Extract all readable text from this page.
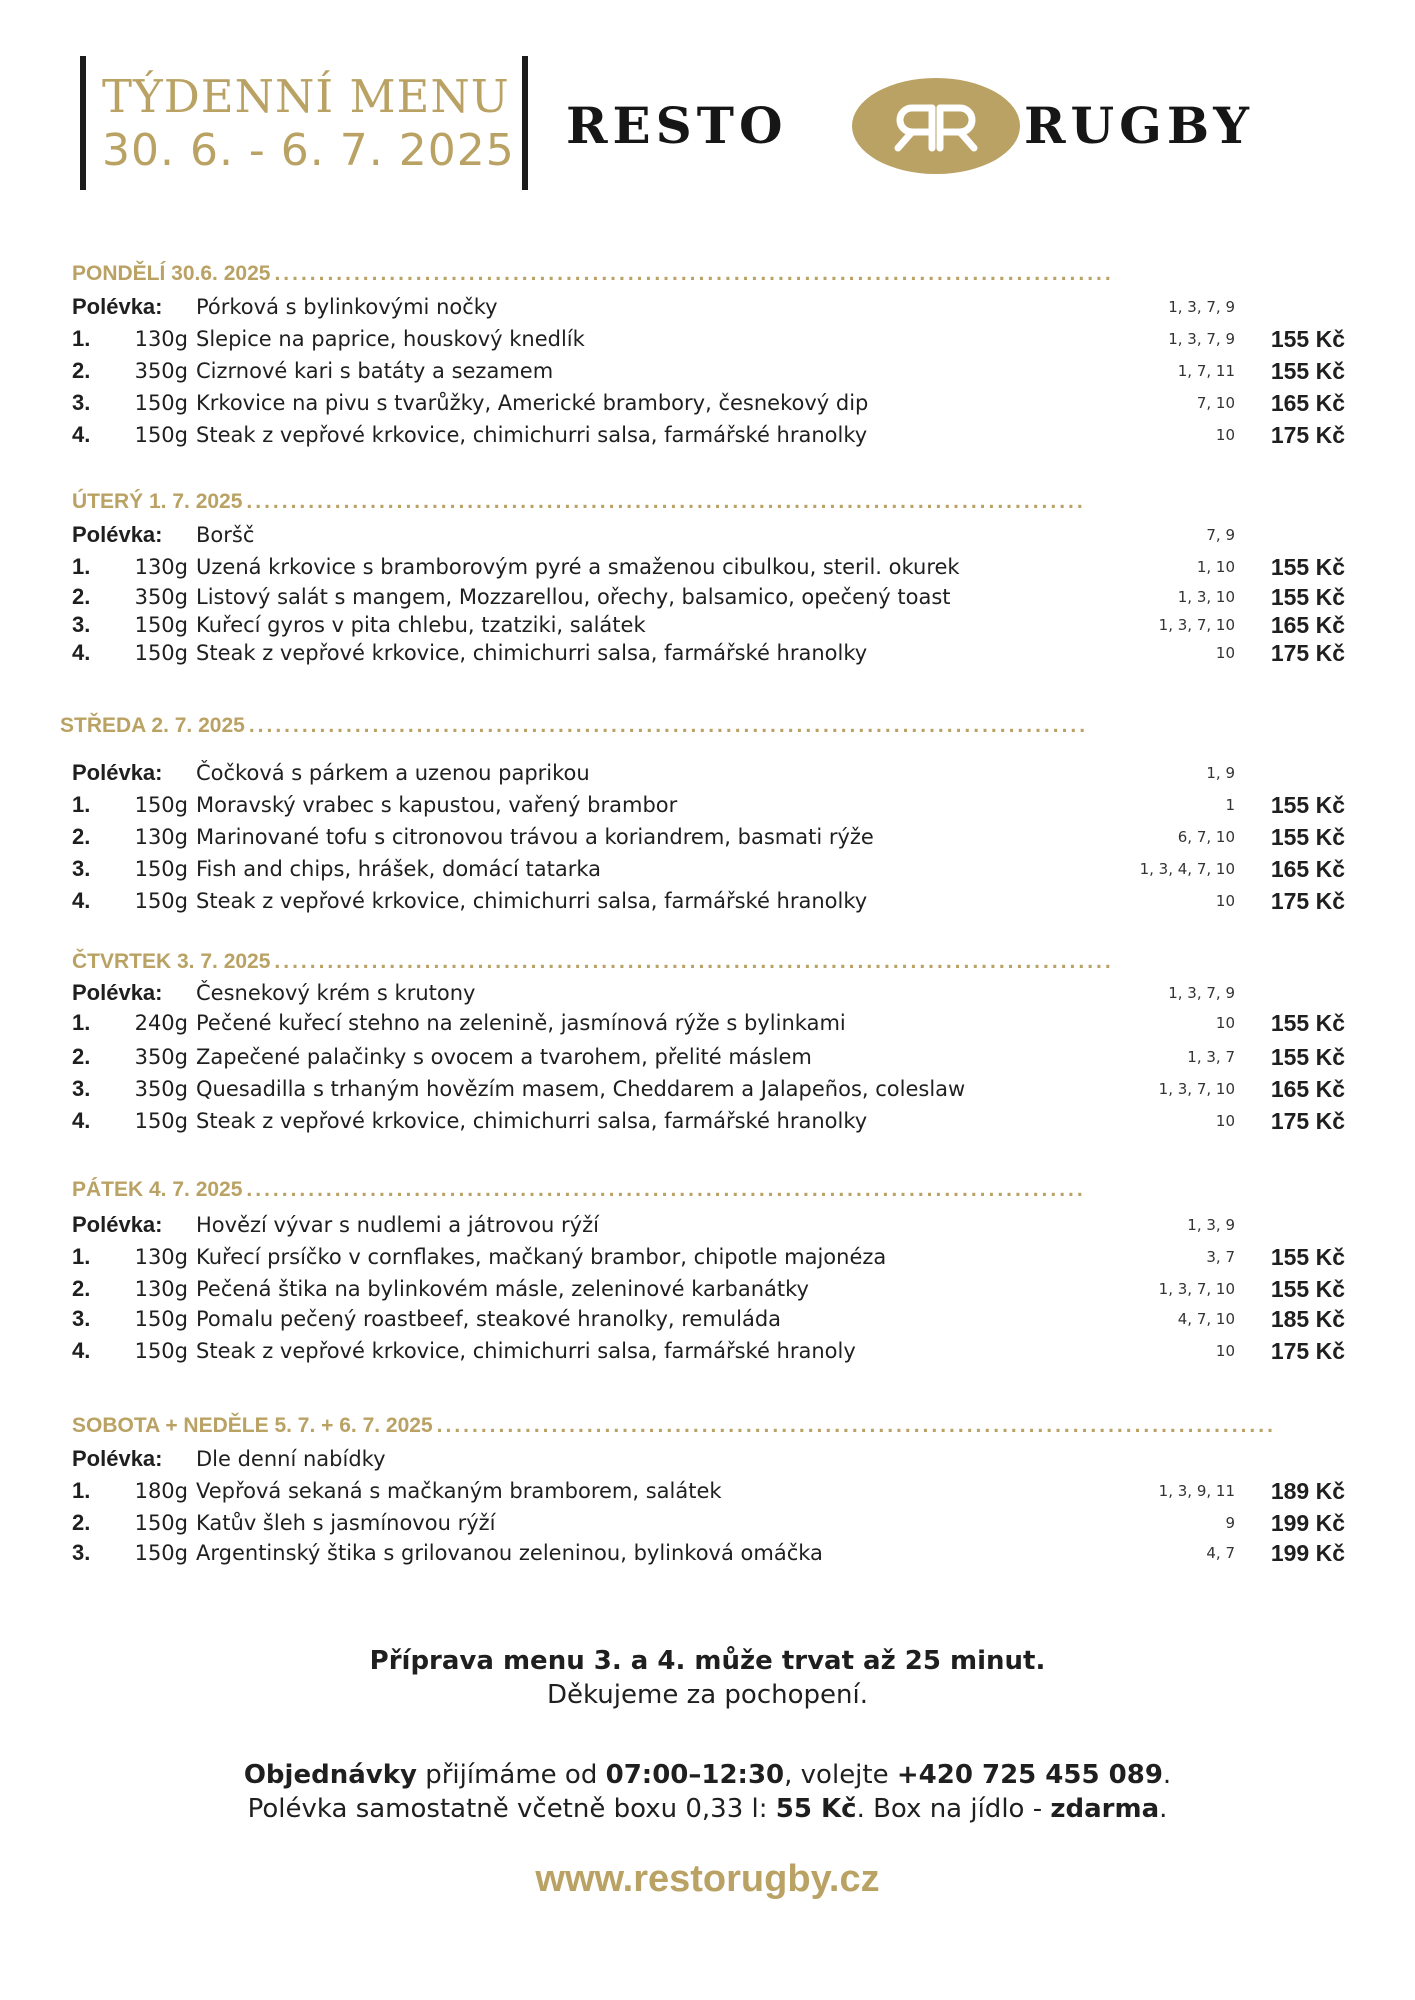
TÝDENNÍ MENU
30. 6. - 6. 7. 2025 RESTO	RUGBY
PONDĚLÍ 30.6. 2025 ...............................................................................................
Polévka: Pórková s bylinkovými nočky	1, 3, 7, 9
1. 130g Slepice na paprice, houskový knedlík	1, 3, 7, 9 155 Kč
2. 350g Cizrnové kari s batáty a sezamem	1, 7, 11 155 Kč
3. 150g Krkovice na pivu s tvarůžky, Americké brambory, česnekový dip	7, 10 165 Kč
4. 150g Steak z vepřové krkovice, chimichurri salsa, farmářské hranolky	10 175 Kč
ÚTERÝ 1. 7. 2025 ...............................................................................................
Polévka: Boršč	7, 9
1. 130g Uzená krkovice s bramborovým pyré a smaženou cibulkou, steril. okurek	1, 10 155 Kč
2. 350g Listový salát s mangem, Mozzarellou, ořechy, balsamico, opečený toast	1, 3, 10 155 Kč
3. 150g Kuřecí gyros v pita chlebu, tzatziki, salátek	1, 3, 7, 10 165 Kč
4. 150g Steak z vepřové krkovice, chimichurri salsa, farmářské hranolky	10 175 Kč
STŘEDA 2. 7. 2025 ...............................................................................................
Polévka: Čočková s párkem a uzenou paprikou	1, 9
1. 150g Moravský vrabec s kapustou, vařený brambor	1 155 Kč
2. 130g Marinované tofu s citronovou trávou a koriandrem, basmati rýže	6, 7, 10 155 Kč
3. 150g Fish and chips, hrášek, domácí tatarka	1, 3, 4, 7, 10 165 Kč
4. 150g Steak z vepřové krkovice, chimichurri salsa, farmářské hranolky	10 175 Kč
ČTVRTEK 3. 7. 2025 ...............................................................................................
Polévka: Česnekový krém s krutony	1, 3, 7, 9
1. 240g Pečené kuřecí stehno na zelenině, jasmínová rýže s bylinkami	10 155 Kč
2. 350g Zapečené palačinky s ovocem a tvarohem, přelité máslem	1, 3, 7 155 Kč
3. 350g Quesadilla s trhaným hovězím masem, Cheddarem a Jalapeños, coleslaw	1, 3, 7, 10 165 Kč
4. 150g Steak z vepřové krkovice, chimichurri salsa, farmářské hranolky	10 175 Kč
PÁTEK 4. 7. 2025 ...............................................................................................
Polévka: Hovězí vývar s nudlemi a játrovou rýží	1, 3, 9
1. 130g Kuřecí prsíčko v cornflakes, mačkaný brambor, chipotle majonéza	3, 7 155 Kč
2. 130g Pečená štika na bylinkovém másle, zeleninové karbanátky	1, 3, 7, 10 155 Kč
3. 150g Pomalu pečený roastbeef, steakové hranolky, remuláda	4, 7, 10 185 Kč
4. 150g Steak z vepřové krkovice, chimichurri salsa, farmářské hranoly	10 175 Kč
SOBOTA + NEDĚLE 5. 7. + 6. 7. 2025 ...............................................................................................
Polévka: Dle denní nabídky
1. 180g Vepřová sekaná s mačkaným bramborem, salátek	1, 3, 9, 11 189 Kč
2. 150g Katův šleh s jasmínovou rýží	9 199 Kč
3. 150g Argentinský štika s grilovanou zeleninou, bylinková omáčka	4, 7 199 Kč
Příprava menu 3. a 4. může trvat až 25 minut.
Děkujeme za pochopení.
Objednávky přijímáme od 07:00–12:30, volejte +420 725 455 089.
Polévka samostatně včetně boxu 0,33 l: 55 Kč. Box na jídlo - zdarma.
www.restorugby.cz
